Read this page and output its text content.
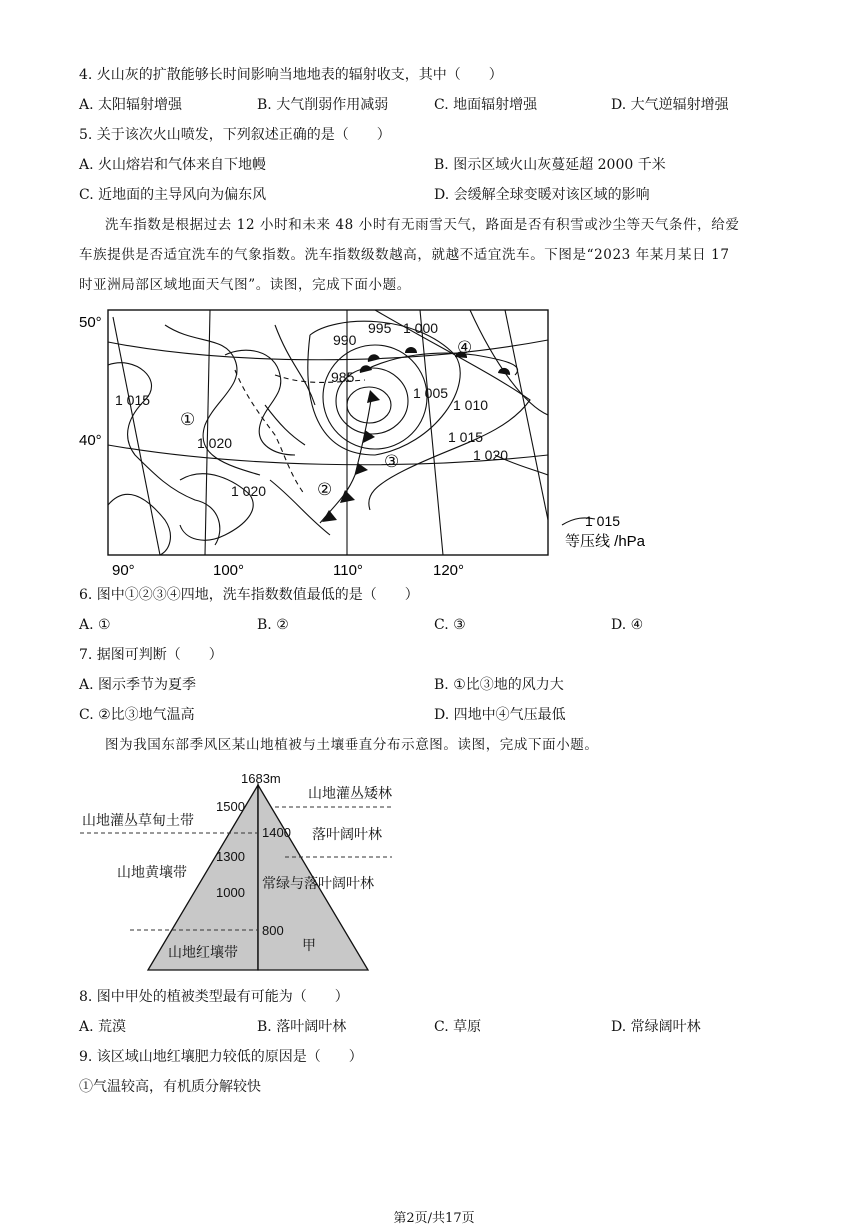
4. 火山灰的扩散能够长时间影响当地地表的辐射收支，其中（　　）
A. 太阳辐射增强	B. 大气削弱作用减弱	C. 地面辐射增强	D. 大气逆辐射增强
5. 关于该次火山喷发，下列叙述正确的是（　　）
A. 火山熔岩和气体来自下地幔	B. 图示区域火山灰蔓延超 2000 千米
C. 近地面的主导风向为偏东风	D. 会缓解全球变暖对该区域的影响
洗车指数是根据过去 12 小时和未来 48 小时有无雨雪天气，路面是否有积雪或沙尘等天气条件，给爱
车族提供是否适宜洗车的气象指数。洗车指数级数越高，就越不适宜洗车。下图是“2023 年某月某日 17
时亚洲局部区域地面天气图”。读图，完成下面小题。
50°
40°
90°	100°	110°	120°
990
995 1 000
985
1 005
1 010
1 015
1 020
1 020
1 015
1 020
①
②
③
④
1 015
等压线 /hPa
6. 图中①②③④四地，洗车指数数值最低的是（　　）
A. ①	B. ②	C. ③	D. ④
7. 据图可判断（　　）
A. 图示季节为夏季	B. ①比③地的风力大
C. ②比③地气温高	D. 四地中④气压最低
图为我国东部季风区某山地植被与土壤垂直分布示意图。读图，完成下面小题。
1683m
1500
1400
1300
1000
800
山地灌丛草甸土带
山地黄壤带
山地红壤带
山地灌丛矮林
落叶阔叶林
常绿与落叶阔叶林
甲
8. 图中甲处的植被类型最有可能为（　　）
A. 荒漠	B. 落叶阔叶林	C. 草原	D. 常绿阔叶林
9. 该区域山地红壤肥力较低的原因是（　　）
①气温较高，有机质分解较快
第2页/共17页
